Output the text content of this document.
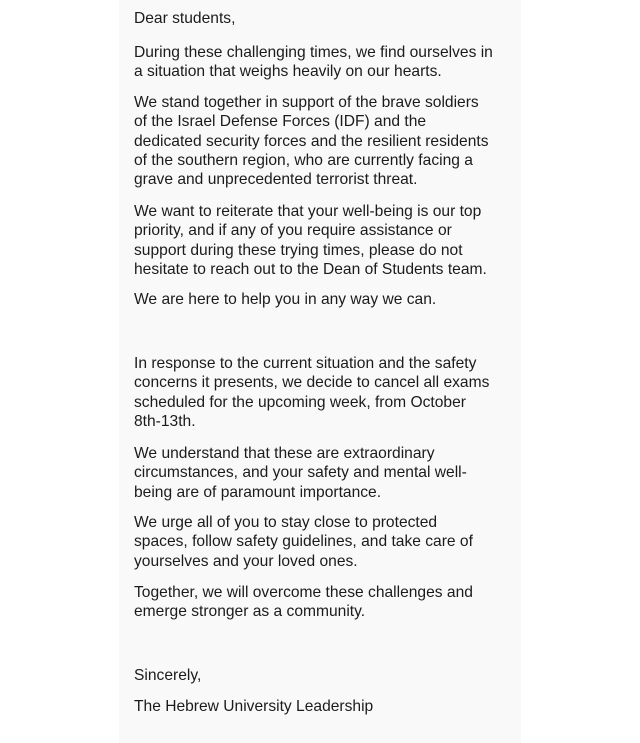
Dear students,

During these challenging times, we find ourselves in
a situation that weighs heavily on our hearts.

We stand together in support of the brave soldiers
of the Israel Defense Forces (IDF) and the
dedicated security forces and the resilient residents
of the southern region, who are currently facing a
grave and unprecedented terrorist threat.

We want to reiterate that your well-being is our top
priority, and if any of you require assistance or
support during these trying times, please do not
hesitate to reach out to the Dean of Students team.

We are here to help you in any way we can.

In response to the current situation and the safety
concerns it presents, we decide to cancel all exams
scheduled for the upcoming week, from October
8th-13th.

We understand that these are extraordinary
circumstances, and your safety and mental well-
being are of paramount importance.

We urge all of you to stay close to protected
spaces, follow safety guidelines, and take care of
yourselves and your loved ones.

Together, we will overcome these challenges and
emerge stronger as a community.

Sincerely,

The Hebrew University Leadership
